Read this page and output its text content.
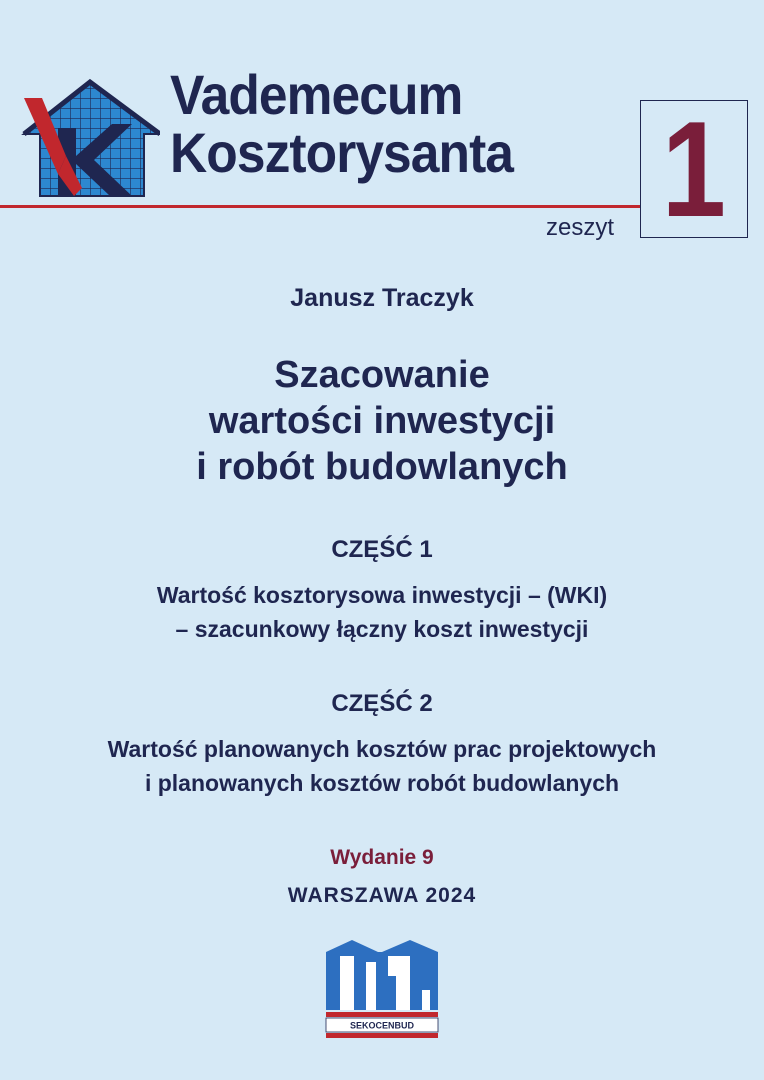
Vademecum
Kosztorysanta
zeszyt 1
Janusz Traczyk
Szacowanie
wartości inwestycji
i robót budowlanych
CZĘŚĆ 1
Wartość kosztorysowa inwestycji – (WKI)
– szacunkowy łączny koszt inwestycji
CZĘŚĆ 2
Wartość planowanych kosztów prac projektowych
i planowanych kosztów robót budowlanych
Wydanie 9
WARSZAWA 2024
SEKOCENBUD
